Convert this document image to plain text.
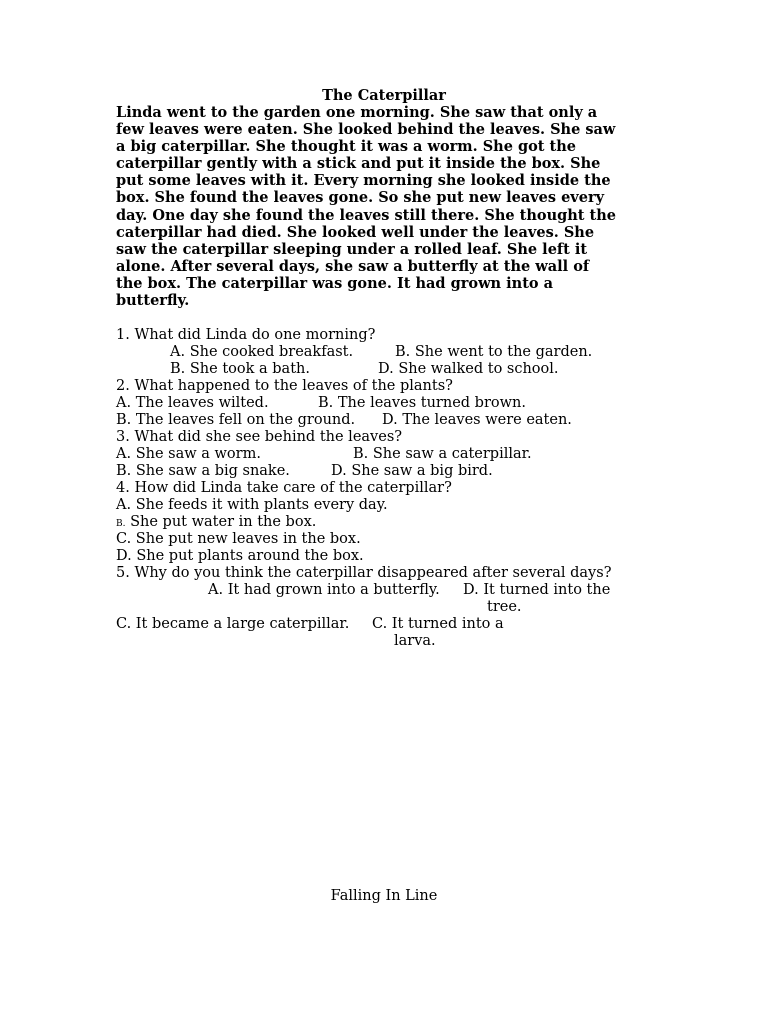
The Caterpillar

Linda went to the garden one morning. She saw that only a

few leaves were eaten. She looked behind the leaves. She saw

a big caterpillar. She thought it was a worm. She got the

caterpillar gently with a stick and put it inside the box. She

put some leaves with it. Every morning she looked inside the

box. She found the leaves gone. So she put new leaves every

day. One day she found the leaves still there. She thought the

caterpillar had died. She looked well under the leaves. She

saw the caterpillar sleeping under a rolled leaf. She left it

alone. After several days, she saw a butterfly at the wall of

the box. The caterpillar was gone. It had grown into a

butterfly.

1. What did Linda do one morning?
A. She cooked breakfast.	B. She went to the garden.
B. She took a bath.	D. She walked to school.
2. What happened to the leaves of the plants?
A. The leaves wilted.	B. The leaves turned brown.
B. The leaves fell on the ground. D. The leaves were eaten.
3. What did she see behind the leaves?
A. She saw a worm.	B. She saw a caterpillar.
B. She saw a big snake.	D. She saw a big bird.
4. How did Linda take care of the caterpillar?
A. She feeds it with plants every day.
B. She put water in the box.
C. She put new leaves in the box.
D. She put plants around the box.
5. Why do you think the caterpillar disappeared after several days?
A. It had grown into a butterfly. D. It turned into the
tree.
C. It became a large caterpillar. C. It turned into a
larva.
Falling In Line
